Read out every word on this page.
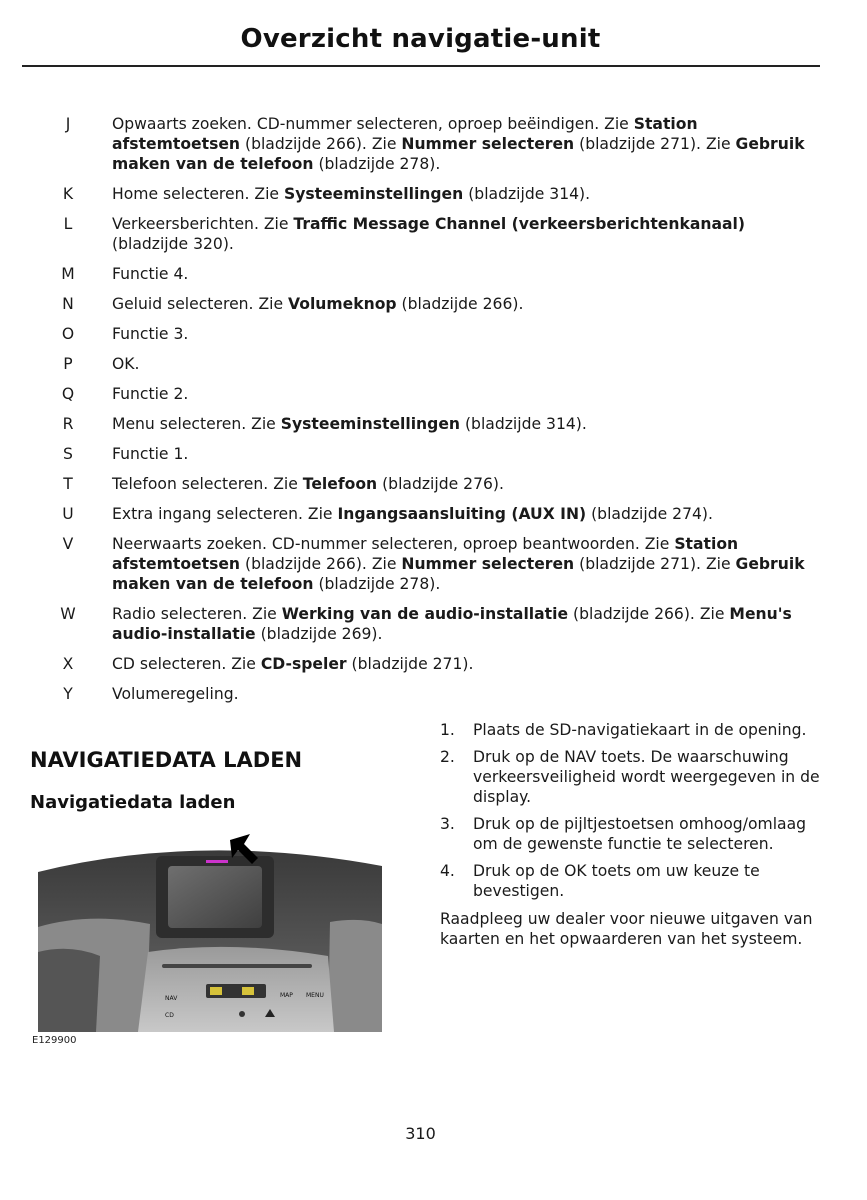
Overzicht navigatie-unit
J	Opwaarts zoeken. CD-nummer selecteren, oproep beëindigen. Zie Station afstemtoetsen (bladzijde 266). Zie Nummer selecteren (bladzijde 271). Zie Gebruik maken van de telefoon (bladzijde 278).
K	Home selecteren. Zie Systeeminstellingen (bladzijde 314).
L	Verkeersberichten. Zie Traffic Message Channel (verkeersberichtenkanaal) (bladzijde 320).
M	Functie 4.
N	Geluid selecteren. Zie Volumeknop (bladzijde 266).
O	Functie 3.
P	OK.
Q	Functie 2.
R	Menu selecteren. Zie Systeeminstellingen (bladzijde 314).
S	Functie 1.
T	Telefoon selecteren. Zie Telefoon (bladzijde 276).
U	Extra ingang selecteren. Zie Ingangsaansluiting (AUX IN) (bladzijde 274).
V	Neerwaarts zoeken. CD-nummer selecteren, oproep beantwoorden. Zie Station afstemtoetsen (bladzijde 266). Zie Nummer selecteren (bladzijde 271). Zie Gebruik maken van de telefoon (bladzijde 278).
W	Radio selecteren. Zie Werking van de audio-installatie (bladzijde 266). Zie Menu's audio-installatie (bladzijde 269).
X	CD selecteren. Zie CD-speler (bladzijde 271).
Y	Volumeregeling.
NAVIGATIEDATA LADEN
Navigatiedata laden
NAV
CD
MAP MENU
E129900
1. Plaats de SD-navigatiekaart in de opening.
2. Druk op de NAV toets. De waarschuwing verkeersveiligheid wordt weergegeven in de display.
3. Druk op de pijltjestoetsen omhoog/omlaag om de gewenste functie te selecteren.
4. Druk op de OK toets om uw keuze te bevestigen.
Raadpleeg uw dealer voor nieuwe uitgaven van kaarten en het opwaarderen van het systeem.
310
